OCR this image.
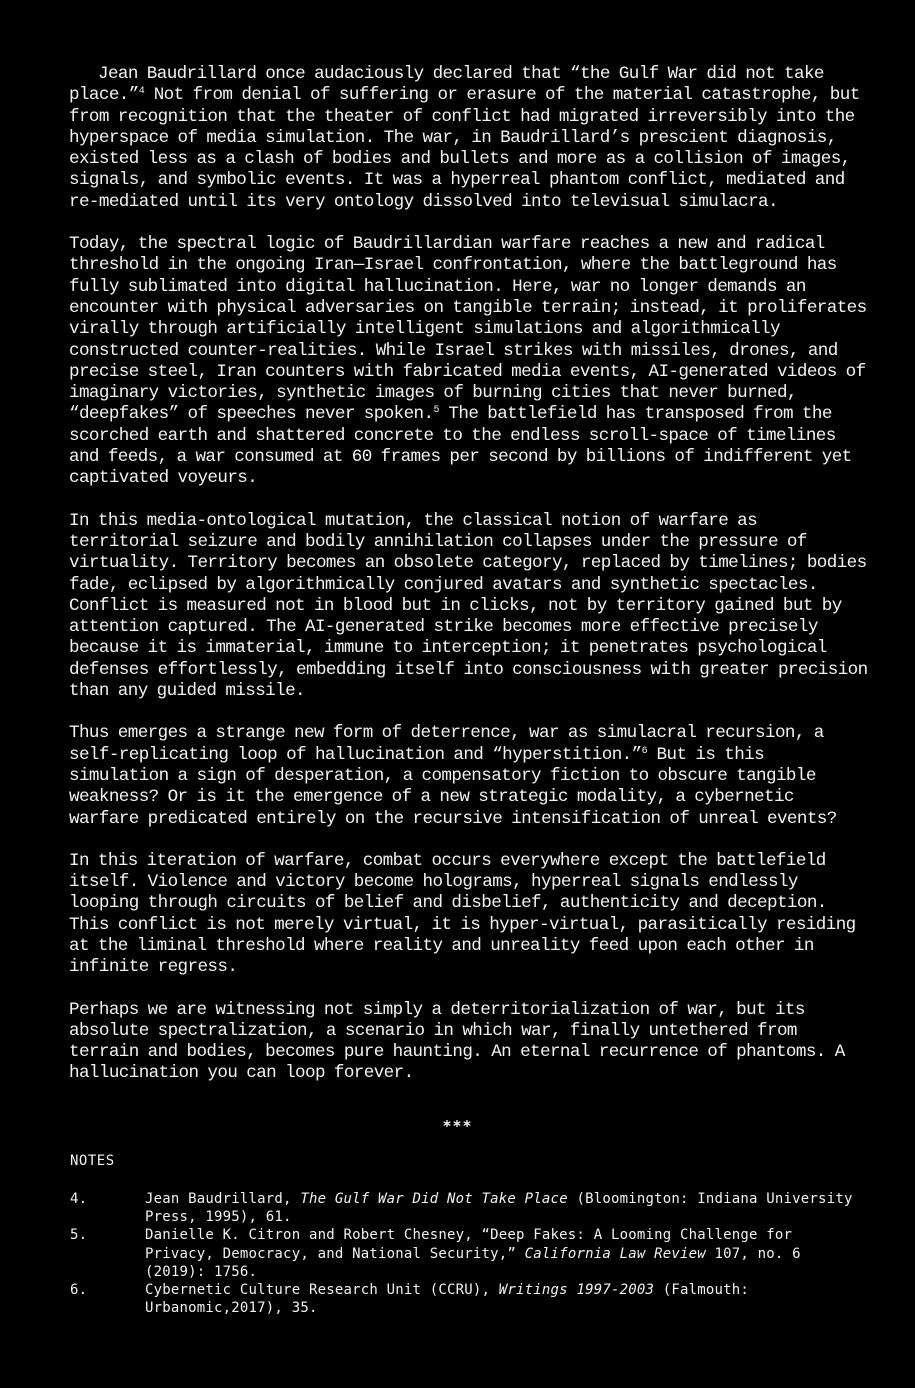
Jean Baudrillard once audaciously declared that “the Gulf War did not take place.”$^4$ Not from denial of suffering or erasure of the material catastrophe, but from recognition that the theater of conflict had migrated irreversibly into the hyperspace of media simulation. The war, in Baudrillard’s prescient diagnosis, existed less as a clash of bodies and bullets and more as a collision of images, signals, and symbolic events. It was a hyperreal phantom conflict, mediated and re-mediated until its very ontology dissolved into televisual simulacra.

Today, the spectral logic of Baudrillardian warfare reaches a new and radical threshold in the ongoing Iran—Israel confrontation, where the battleground has fully sublimated into digital hallucination. Here, war no longer demands an encounter with physical adversaries on tangible terrain; instead, it proliferates virally through artificially intelligent simulations and algorithmically constructed counter-realities. While Israel strikes with missiles, drones, and precise steel, Iran counters with fabricated media events, AI-generated videos of imaginary victories, synthetic images of burning cities that never burned, “deepfakes” of speeches never spoken.$^5$ The battlefield has transposed from the scorched earth and shattered concrete to the endless scroll-space of timelines and feeds, a war consumed at 60 frames per second by billions of indifferent yet captivated voyeurs.

In this media-ontological mutation, the classical notion of warfare as territorial seizure and bodily annihilation collapses under the pressure of virtuality. Territory becomes an obsolete category, replaced by timelines; bodies fade, eclipsed by algorithmically conjured avatars and synthetic spectacles. Conflict is measured not in blood but in clicks, not by territory gained but by attention captured. The AI-generated strike becomes more effective precisely because it is immaterial, immune to interception; it penetrates psychological defenses effortlessly, embedding itself into consciousness with greater precision than any guided missile.

Thus emerges a strange new form of deterrence, war as simulacral recursion, a self-replicating loop of hallucination and “hyperstition.”$^6$ But is this simulation a sign of desperation, a compensatory fiction to obscure tangible weakness? Or is it the emergence of a new strategic modality, a cybernetic warfare predicated entirely on the recursive intensification of unreal events?

In this iteration of warfare, combat occurs everywhere except the battlefield itself. Violence and victory become holograms, hyperreal signals endlessly looping through circuits of belief and disbelief, authenticity and deception. This conflict is not merely virtual, it is hyper-virtual, parasitically residing at the liminal threshold where reality and unreality feed upon each other in infinite regress.

Perhaps we are witnessing not simply a deterritorialization of war, but its absolute spectralization, a scenario in which war, finally untethered from terrain and bodies, becomes pure haunting. An eternal recurrence of phantoms. A hallucination you can loop forever.

***
NOTES
4.	Jean Baudrillard, The Gulf War Did Not Take Place (Bloomington: Indiana University Press, 1995), 61.
5.	Danielle K. Citron and Robert Chesney, “Deep Fakes: A Looming Challenge for Privacy, Democracy, and National Security,” California Law Review 107, no. 6 (2019): 1756.
6.	Cybernetic Culture Research Unit (CCRU), Writings 1997-2003 (Falmouth: Urbanomic,2017), 35.
